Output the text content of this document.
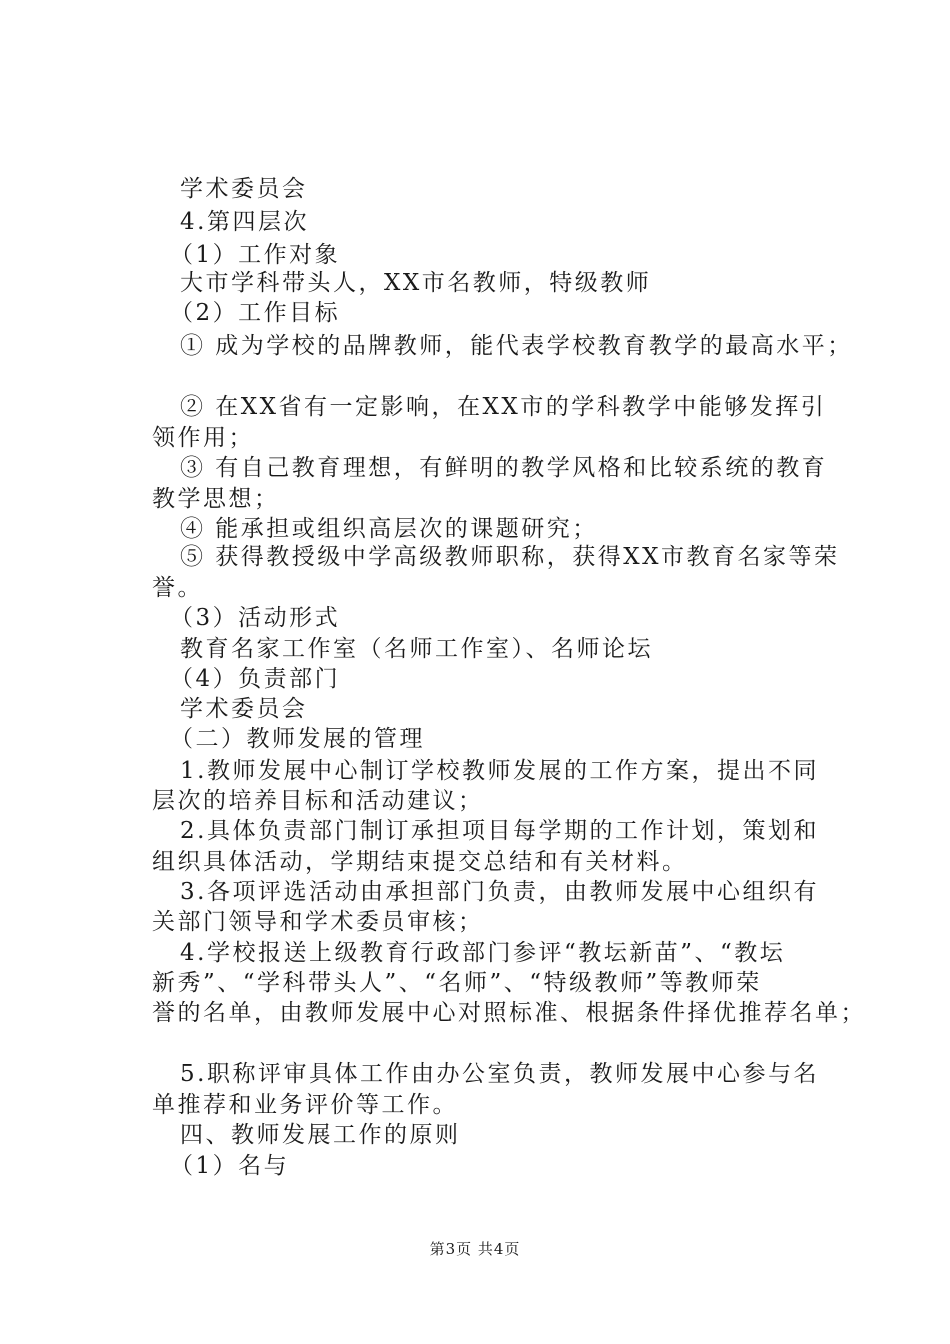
学术委员会
4.第四层次
（1）工作对象
大市学科带头人，XX市名教师，特级教师
（2）工作目标
① 成为学校的品牌教师，能代表学校教育教学的最高水平；
② 在XX省有一定影响，在XX市的学科教学中能够发挥引
领作用；
③ 有自己教育理想，有鲜明的教学风格和比较系统的教育
教学思想；
④ 能承担或组织高层次的课题研究；
⑤ 获得教授级中学高级教师职称，获得XX市教育名家等荣
誉。
（3）活动形式
教育名家工作室（名师工作室）、名师论坛
（4）负责部门
学术委员会
（二）教师发展的管理
1.教师发展中心制订学校教师发展的工作方案，提出不同
层次的培养目标和活动建议；
2.具体负责部门制订承担项目每学期的工作计划，策划和
组织具体活动，学期结束提交总结和有关材料。
3.各项评选活动由承担部门负责，由教师发展中心组织有
关部门领导和学术委员审核；
4.学校报送上级教育行政部门参评“教坛新苗”、“教坛
新秀”、“学科带头人”、“名师”、“特级教师”等教师荣
誉的名单，由教师发展中心对照标准、根据条件择优推荐名单；
5.职称评审具体工作由办公室负责，教师发展中心参与名
单推荐和业务评价等工作。
四、教师发展工作的原则
（1）名与
第3页 共4页
